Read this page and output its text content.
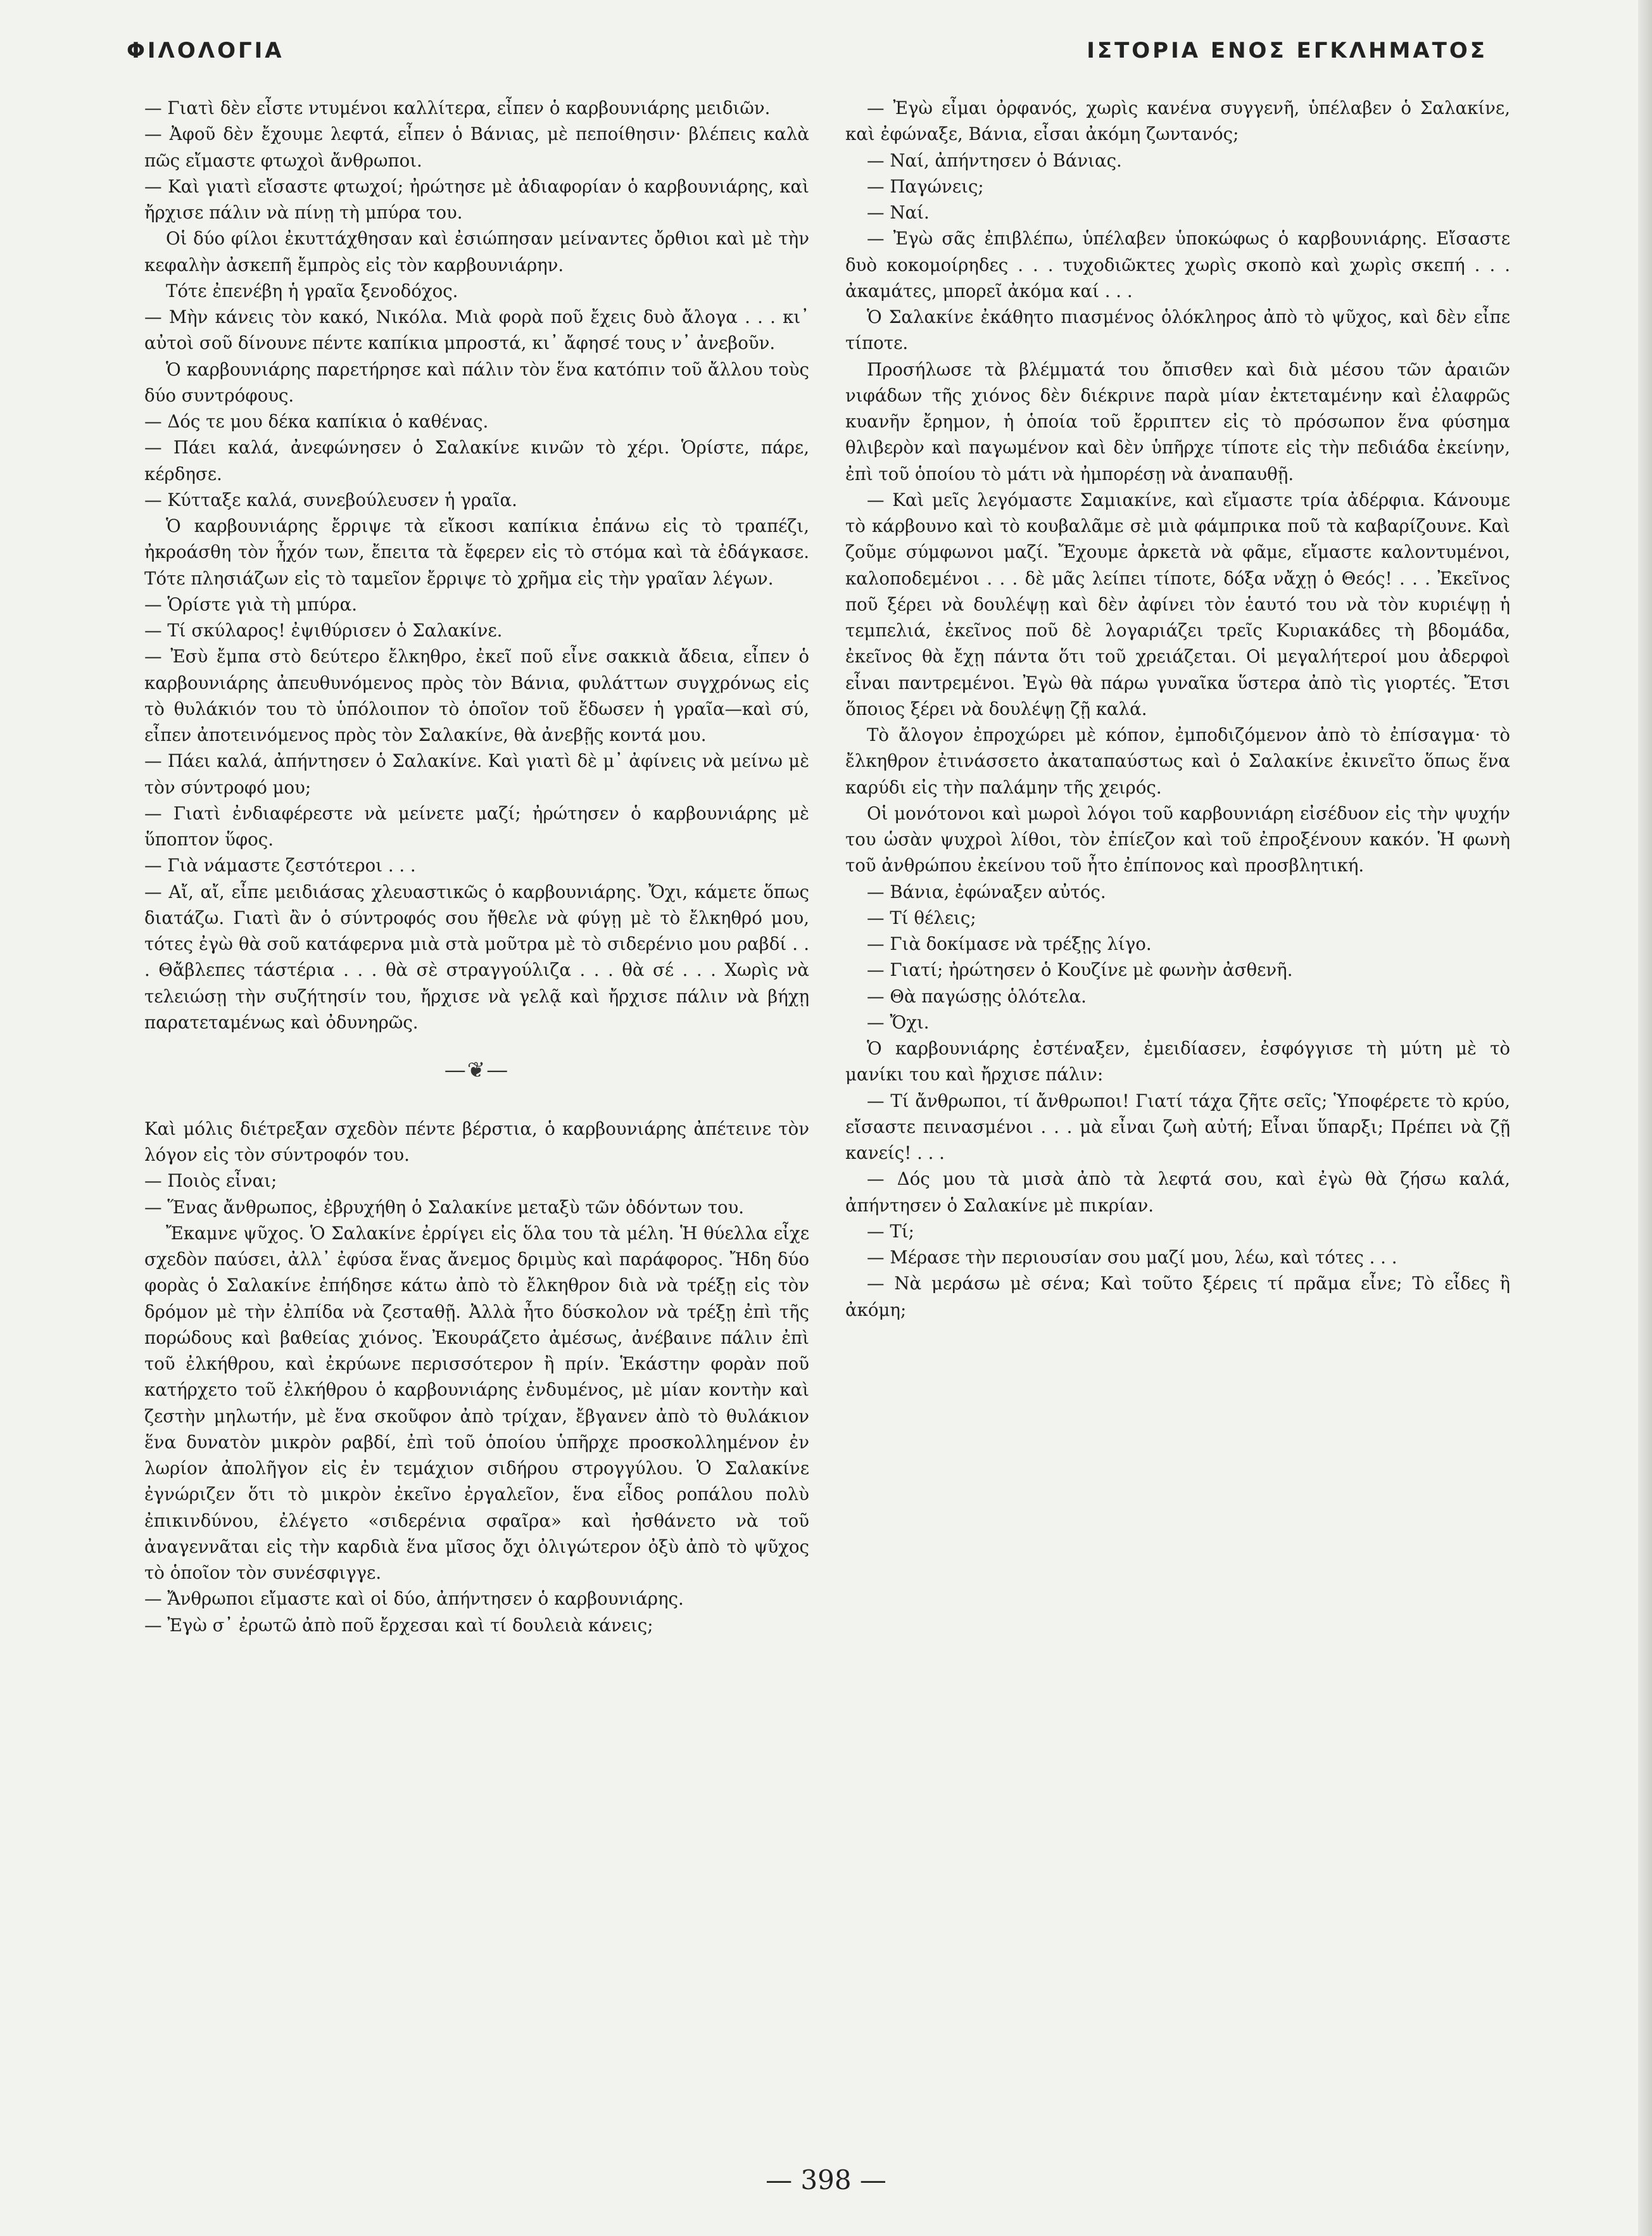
ΦΙΛΟΛΟΓΙΑ	ΙΣΤΟΡΙΑ ΕΝΟΣ ΕΓΚΛΗΜΑΤΟΣ

— Γιατὶ δὲν εἶστε ντυμένοι καλλίτερα, εἶπεν ὁ καρβουνιάρης μειδιῶν.

— Ἀφοῦ δὲν ἔχουμε λεφτά, εἶπεν ὁ Βάνιας, μὲ πεποίθησιν· βλέπεις καλὰ πῶς εἴμαστε φτωχοὶ ἄνθρωποι.

— Καὶ γιατὶ εἴσαστε φτωχοί; ἠρώτησε μὲ ἀδιαφορίαν ὁ καρβουνιάρης, καὶ ἤρχισε πάλιν νὰ πίνῃ τὴ μπύρα του.

Οἱ δύο φίλοι ἐκυττάχθησαν καὶ ἐσιώπησαν μείναντες ὄρθιοι καὶ μὲ τὴν κεφαλὴν ἀσκεπῆ ἔμπρὸς εἰς τὸν καρβουνιάρην.

Τότε ἐπενέβη ἡ γραῖα ξενοδόχος.

— Μὴν κάνεις τὸν κακό, Νικόλα. Μιὰ φορὰ ποῦ ἔχεις δυὸ ἄλογα . . . κι᾽ αὐτοὶ σοῦ δίνουνε πέντε καπίκια μπροστά, κι᾽ ἄφησέ τους ν᾽ ἀνεβοῦν.

Ὁ καρβουνιάρης παρετήρησε καὶ πάλιν τὸν ἕνα κατόπιν τοῦ ἄλλου τοὺς δύο συντρόφους.

— Δός τε μου δέκα καπίκια ὁ καθένας.

— Πάει καλά, ἀνεφώνησεν ὁ Σαλακίνε κινῶν τὸ χέρι. Ὁρίστε, πάρε, κέρδησε.

— Κύτταξε καλά, συνεβούλευσεν ἡ γραῖα.

Ὁ καρβουνιάρης ἔρριψε τὰ εἴκοσι καπίκια ἐπάνω εἰς τὸ τραπέζι, ἠκροάσθη τὸν ἦχόν των, ἔπειτα τὰ ἔφερεν εἰς τὸ στόμα καὶ τὰ ἐδάγκασε. Τότε πλησιάζων εἰς τὸ ταμεῖον ἔρριψε τὸ χρῆμα εἰς τὴν γραῖαν λέγων.

— Ὁρίστε γιὰ τὴ μπύρα.

— Τί σκύλαρος! ἐψιθύρισεν ὁ Σαλακίνε.

— Ἐσὺ ἔμπα στὸ δεύτερο ἔλκηθρο, ἐκεῖ ποῦ εἶνε σακκιὰ ἄδεια, εἶπεν ὁ καρβουνιάρης ἀπευθυνόμενος πρὸς τὸν Βάνια, φυλάττων συγχρόνως εἰς τὸ θυλάκιόν του τὸ ὑπόλοιπον τὸ ὁποῖον τοῦ ἔδωσεν ἡ γραῖα—καὶ σύ, εἶπεν ἀποτεινόμενος πρὸς τὸν Σαλακίνε, θὰ ἀνεβῇς κοντά μου.

— Πάει καλά, ἀπήντησεν ὁ Σαλακίνε. Καὶ γιατὶ δὲ μ᾽ ἀφίνεις νὰ μείνω μὲ τὸν σύντροφό μου;

— Γιατὶ ἐνδιαφέρεστε νὰ μείνετε μαζί; ἠρώτησεν ὁ καρβουνιάρης μὲ ὕποπτον ὕφος.

— Γιὰ νάμαστε ζεστότεροι . . .

— Αἴ, αἴ, εἶπε μειδιάσας χλευαστικῶς ὁ καρβουνιάρης. Ὄχι, κάμετε ὅπως διατάζω. Γιατὶ ἂν ὁ σύντροφός σου ἤθελε νὰ φύγῃ μὲ τὸ ἔλκηθρό μου, τότες ἐγὼ θὰ σοῦ κατάφερνα μιὰ στὰ μοῦτρα μὲ τὸ σιδερένιο μου ραβδί . . . Θἄβλεπες τάστέρια . . . θὰ σὲ στραγγούλιζα . . . θὰ σέ . . . Χωρὶς νὰ τελειώσῃ τὴν συζήτησίν του, ἤρχισε νὰ γελᾷ καὶ ἤρχισε πάλιν νὰ βήχῃ παρατεταμένως καὶ ὀδυνηρῶς.

—❦—

Καὶ μόλις διέτρεξαν σχεδὸν πέντε βέρστια, ὁ καρβουνιάρης ἀπέτεινε τὸν λόγον εἰς τὸν σύντροφόν του.

— Ποιὸς εἶναι;

— Ἕνας ἄνθρωπος, ἐβρυχήθη ὁ Σαλακίνε μεταξὺ τῶν ὀδόντων του.

Ἔκαμνε ψῦχος. Ὁ Σαλακίνε ἐρρίγει εἰς ὅλα του τὰ μέλη. Ἡ θύελλα εἶχε σχεδὸν παύσει, ἀλλ᾽ ἐφύσα ἕνας ἄνεμος δριμὺς καὶ παράφορος. Ἤδη δύο φορὰς ὁ Σαλακίνε ἐπήδησε κάτω ἀπὸ τὸ ἔλκηθρον διὰ νὰ τρέξῃ εἰς τὸν δρόμον μὲ τὴν ἐλπίδα νὰ ζεσταθῇ. Ἀλλὰ ἦτο δύσκολον νὰ τρέξῃ ἐπὶ τῆς πορώδους καὶ βαθείας χιόνος. Ἐκουράζετο ἀμέσως, ἀνέβαινε πάλιν ἐπὶ τοῦ ἐλκήθρου, καὶ ἐκρύωνε περισσότερον ἢ πρίν. Ἑκάστην φορὰν ποῦ κατήρχετο τοῦ ἐλκήθρου ὁ καρβουνιάρης ἐνδυμένος, μὲ μίαν κοντὴν καὶ ζεστὴν μηλωτήν, μὲ ἕνα σκοῦφον ἀπὸ τρίχαν, ἔβγανεν ἀπὸ τὸ θυλάκιον ἕνα δυνατὸν μικρὸν ραβδί, ἐπὶ τοῦ ὁποίου ὑπῆρχε προσκολλημένον ἐν λωρίον ἀπολῆγον εἰς ἐν τεμάχιον σιδήρου στρογγύλου. Ὁ Σαλακίνε ἐγνώριζεν ὅτι τὸ μικρὸν ἐκεῖνο ἐργαλεῖον, ἕνα εἶδος ροπάλου πολὺ ἐπικινδύνου, ἐλέγετο «σιδερένια σφαῖρα» καὶ ἠσθάνετο νὰ τοῦ ἀναγεννᾶται εἰς τὴν καρδιὰ ἕνα μῖσος ὄχι ὀλιγώτερον ὀξὺ ἀπὸ τὸ ψῦχος τὸ ὁποῖον τὸν συνέσφιγγε.

— Ἄνθρωποι εἴμαστε καὶ οἱ δύο, ἀπήντησεν ὁ καρβουνιάρης.

— Ἐγὼ σ᾽ ἐρωτῶ ἀπὸ ποῦ ἔρχεσαι καὶ τί δουλειὰ κάνεις;

— Ἐγὼ εἶμαι ὀρφανός, χωρὶς κανένα συγγενῆ, ὑπέλαβεν ὁ Σαλακίνε, καὶ ἐφώναξε, Βάνια, εἶσαι ἀκόμη ζωντανός;

— Ναί, ἀπήντησεν ὁ Βάνιας.

— Παγώνεις;

— Ναί.

— Ἐγὼ σᾶς ἐπιβλέπω, ὑπέλαβεν ὑποκώφως ὁ καρβουνιάρης. Εἴσαστε δυὸ κοκομοίρηδες . . . τυχοδιῶκτες χωρὶς σκοπὸ καὶ χωρὶς σκεπή . . . ἀκαμάτες, μπορεῖ ἀκόμα καί . . .

Ὁ Σαλακίνε ἐκάθητο πιασμένος ὁλόκληρος ἀπὸ τὸ ψῦχος, καὶ δὲν εἶπε τίποτε.

Προσήλωσε τὰ βλέμματά του ὄπισθεν καὶ διὰ μέσου τῶν ἀραιῶν νιφάδων τῆς χιόνος δὲν διέκρινε παρὰ μίαν ἐκτεταμένην καὶ ἐλαφρῶς κυανῆν ἔρημον, ἡ ὁποία τοῦ ἔρριπτεν εἰς τὸ πρόσωπον ἕνα φύσημα θλιβερὸν καὶ παγωμένον καὶ δὲν ὑπῆρχε τίποτε εἰς τὴν πεδιάδα ἐκείνην, ἐπὶ τοῦ ὁποίου τὸ μάτι νὰ ἠμπορέσῃ νὰ ἀναπαυθῇ.

— Καὶ μεῖς λεγόμαστε Σαμιακίνε, καὶ εἴμαστε τρία ἀδέρφια. Κάνουμε τὸ κάρβουνο καὶ τὸ κουβαλᾶμε σὲ μιὰ φάμπρικα ποῦ τὰ καβαρίζουνε. Καὶ ζοῦμε σύμφωνοι μαζί. Ἔχουμε ἀρκετὰ νὰ φᾶμε, εἴμαστε καλοντυμένοι, καλοποδεμένοι . . . δὲ μᾶς λείπει τίποτε, δόξα νἄχῃ ὁ Θεός! . . . Ἐκεῖνος ποῦ ξέρει νὰ δουλέψῃ καὶ δὲν ἀφίνει τὸν ἑαυτό του νὰ τὸν κυριέψῃ ἡ τεμπελιά, ἐκεῖνος ποῦ δὲ λογαριάζει τρεῖς Κυριακάδες τὴ βδομάδα, ἐκεῖνος θὰ ἔχῃ πάντα ὅτι τοῦ χρειάζεται. Οἱ μεγαλήτεροί μου ἀδερφοὶ εἶναι παντρεμένοι. Ἐγὼ θὰ πάρω γυναῖκα ὕστερα ἀπὸ τὶς γιορτές. Ἔτσι ὅποιος ξέρει νὰ δουλέψῃ ζῇ καλά.

Τὸ ἄλογον ἐπροχώρει μὲ κόπον, ἐμποδιζόμενον ἀπὸ τὸ ἐπίσαγμα· τὸ ἔλκηθρον ἐτινάσσετο ἀκαταπαύστως καὶ ὁ Σαλακίνε ἐκινεῖτο ὅπως ἕνα καρύδι εἰς τὴν παλάμην τῆς χειρός.

Οἱ μονότονοι καὶ μωροὶ λόγοι τοῦ καρβουνιάρη εἰσέδυον εἰς τὴν ψυχήν του ὡσὰν ψυχροὶ λίθοι, τὸν ἐπίεζον καὶ τοῦ ἐπροξένουν κακόν. Ἡ φωνὴ τοῦ ἀνθρώπου ἐκείνου τοῦ ἦτο ἐπίπονος καὶ προσβλητική.

— Βάνια, ἐφώναξεν αὐτός.

— Τί θέλεις;

— Γιὰ δοκίμασε νὰ τρέξῃς λίγο.

— Γιατί; ἠρώτησεν ὁ Κουζίνε μὲ φωνὴν ἀσθενῆ.

— Θὰ παγώσῃς ὁλότελα.

— Ὄχι.

Ὁ καρβουνιάρης ἐστέναξεν, ἐμειδίασεν, ἐσφόγγισε τὴ μύτη μὲ τὸ μανίκι του καὶ ἤρχισε πάλιν:

— Τί ἄνθρωποι, τί ἄνθρωποι! Γιατί τάχα ζῆτε σεῖς; Ὑποφέρετε τὸ κρύο, εἴσαστε πεινασμένοι . . . μὰ εἶναι ζωὴ αὐτή; Εἶναι ὕπαρξι; Πρέπει νὰ ζῇ κανείς! . . .

— Δός μου τὰ μισὰ ἀπὸ τὰ λεφτά σου, καὶ ἐγὼ θὰ ζήσω καλά, ἀπήντησεν ὁ Σαλακίνε μὲ πικρίαν.

— Τί;

— Μέρασε τὴν περιουσίαν σου μαζί μου, λέω, καὶ τότες . . .

— Νὰ μεράσω μὲ σένα; Καὶ τοῦτο ξέρεις τί πρᾶμα εἶνε; Τὸ εἶδες ἢ ἀκόμη;

— 398 —
